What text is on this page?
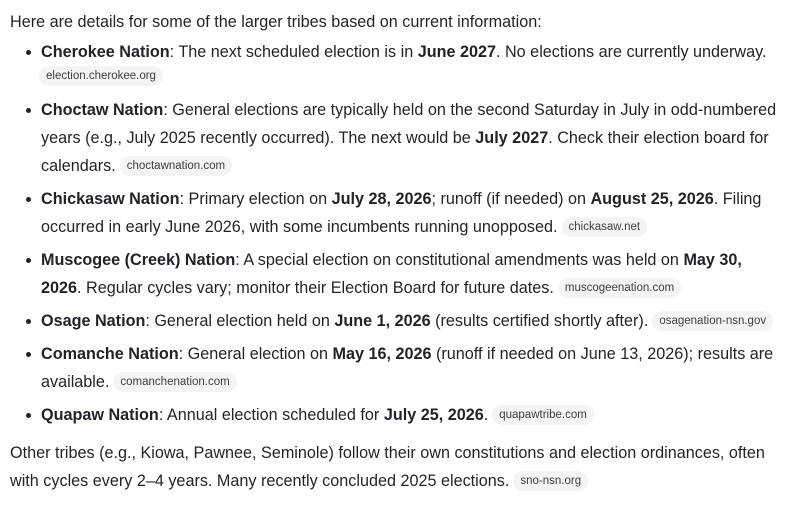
Here are details for some of the larger tribes based on current information:

Cherokee Nation: The next scheduled election is in June 2027. No elections are currently underway.
election.cherokee.org
Choctaw Nation: General elections are typically held on the second Saturday in July in odd-numbered years (e.g., July 2025 recently occurred). The next would be July 2027. Check their election board for calendars. choctawnation.com
Chickasaw Nation: Primary election on July 28, 2026; runoff (if needed) on August 25, 2026. Filing occurred in early June 2026, with some incumbents running unopposed. chickasaw.net
Muscogee (Creek) Nation: A special election on constitutional amendments was held on May 30, 2026. Regular cycles vary; monitor their Election Board for future dates. muscogeenation.com
Osage Nation: General election held on June 1, 2026 (results certified shortly after). osagenation-nsn.gov
Comanche Nation: General election on May 16, 2026 (runoff if needed on June 13, 2026); results are available. comanchenation.com
Quapaw Nation: Annual election scheduled for July 25, 2026. quapawtribe.com

Other tribes (e.g., Kiowa, Pawnee, Seminole) follow their own constitutions and election ordinances, often with cycles every 2–4 years. Many recently concluded 2025 elections. sno-nsn.org
